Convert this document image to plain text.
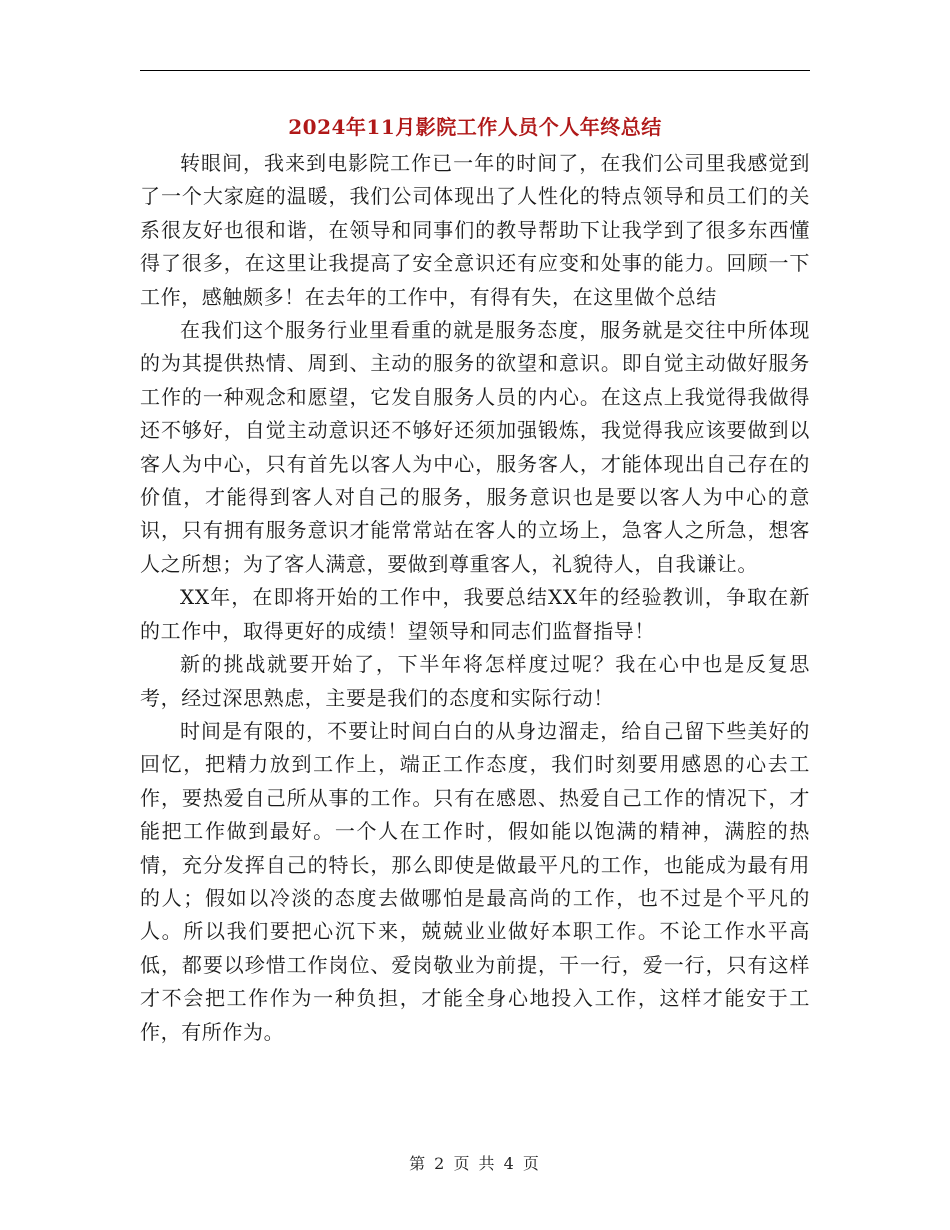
2024年11月影院工作人员个人年终总结

转眼间，我来到电影院工作已一年的时间了，在我们公司里我感觉到了一个大家庭的温暖，我们公司体现出了人性化的特点领导和员工们的关系很友好也很和谐，在领导和同事们的教导帮助下让我学到了很多东西懂得了很多，在这里让我提高了安全意识还有应变和处事的能力。回顾一下工作，感触颇多！在去年的工作中，有得有失，在这里做个总结

在我们这个服务行业里看重的就是服务态度，服务就是交往中所体现的为其提供热情、周到、主动的服务的欲望和意识。即自觉主动做好服务工作的一种观念和愿望，它发自服务人员的内心。在这点上我觉得我做得还不够好，自觉主动意识还不够好还须加强锻炼，我觉得我应该要做到以客人为中心，只有首先以客人为中心，服务客人，才能体现出自己存在的价值，才能得到客人对自己的服务，服务意识也是要以客人为中心的意识，只有拥有服务意识才能常常站在客人的立场上，急客人之所急，想客人之所想；为了客人满意，要做到尊重客人，礼貌待人，自我谦让。

XX年，在即将开始的工作中，我要总结XX年的经验教训，争取在新的工作中，取得更好的成绩！望领导和同志们监督指导！

新的挑战就要开始了，下半年将怎样度过呢？我在心中也是反复思考，经过深思熟虑，主要是我们的态度和实际行动！

时间是有限的，不要让时间白白的从身边溜走，给自己留下些美好的回忆，把精力放到工作上，端正工作态度，我们时刻要用感恩的心去工作，要热爱自己所从事的工作。只有在感恩、热爱自己工作的情况下，才能把工作做到最好。一个人在工作时，假如能以饱满的精神，满腔的热情，充分发挥自己的特长，那么即使是做最平凡的工作，也能成为最有用的人；假如以冷淡的态度去做哪怕是最高尚的工作，也不过是个平凡的人。所以我们要把心沉下来，兢兢业业做好本职工作。不论工作水平高低，都要以珍惜工作岗位、爱岗敬业为前提，干一行，爱一行，只有这样才不会把工作作为一种负担，才能全身心地投入工作，这样才能安于工作，有所作为。

第 2 页 共 4 页
